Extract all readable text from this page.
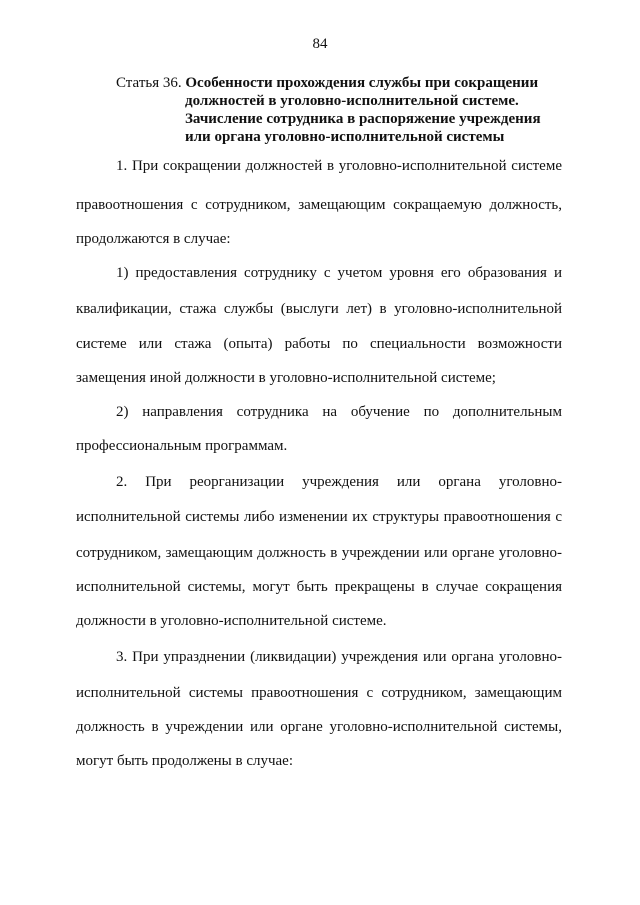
84
Статья 36. Особенности прохождения службы при сокращении
должностей в уголовно-исполнительной системе.
Зачисление сотрудника в распоряжение учреждения
или органа уголовно-исполнительной системы
1. При сокращении должностей в уголовно-исполнительной системе
правоотношения с сотрудником, замещающим сокращаемую должность,
продолжаются в случае:
1) предоставления сотруднику с учетом уровня его образования и
квалификации, стажа службы (выслуги лет) в уголовно-исполнительной
системе или стажа (опыта) работы по специальности возможности
замещения иной должности в уголовно-исполнительной системе;
2) направления сотрудника на обучение по дополнительным
профессиональным программам.
2. При реорганизации учреждения или органа уголовно-
исполнительной системы либо изменении их структуры правоотношения с
сотрудником, замещающим должность в учреждении или органе уголовно-
исполнительной системы, могут быть прекращены в случае сокращения
должности в уголовно-исполнительной системе.
3. При упразднении (ликвидации) учреждения или органа уголовно-
исполнительной системы правоотношения с сотрудником, замещающим
должность в учреждении или органе уголовно-исполнительной системы,
могут быть продолжены в случае:
